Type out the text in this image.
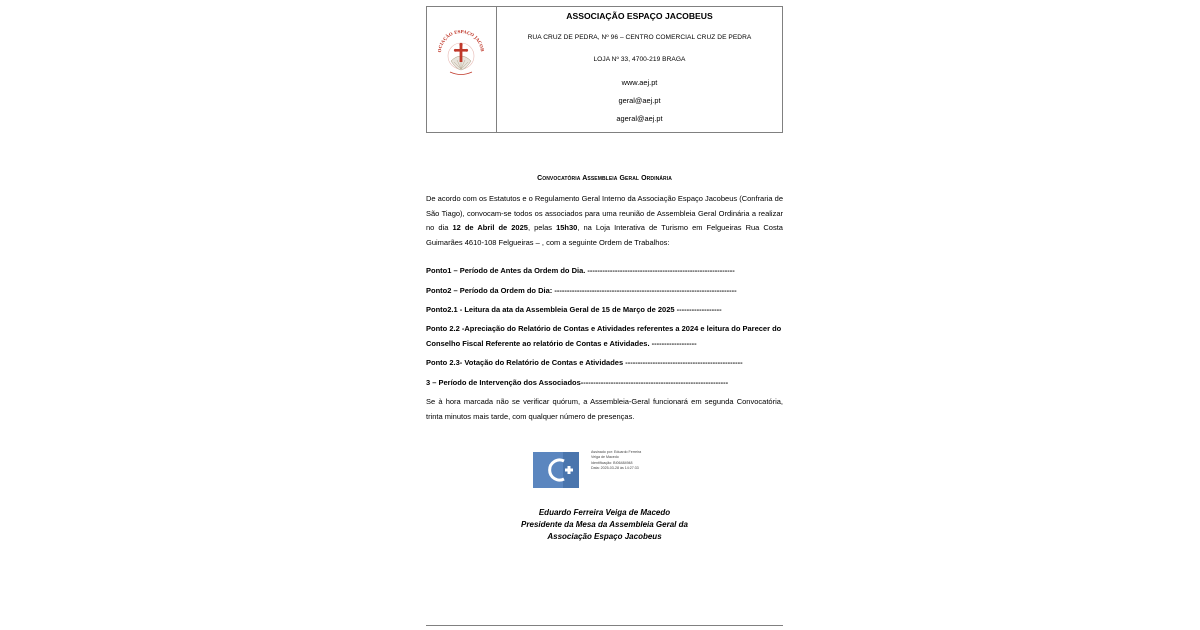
OCIAÇÃO ESPAÇO JACOB
ASSOCIAÇÃO ESPAÇO JACOBEUS
RUA CRUZ DE PEDRA, Nº 96 – CENTRO COMERCIAL CRUZ DE PEDRA
LOJA Nº 33, 4700-219 BRAGA
www.aej.pt
geral@aej.pt
ageral@aej.pt
Convocatória Assembleia Geral Ordinária
De acordo com os Estatutos e o Regulamento Geral Interno da Associação Espaço Jacobeus (Confraria de São Tiago), convocam-se todos os associados para uma reunião de Assembleia Geral Ordinária a realizar no dia 12 de Abril de 2025, pelas 15h30, na Loja Interativa de Turismo em Felgueiras Rua Costa Guimarães 4610-108 Felgueiras – , com a seguinte Ordem de Trabalhos:
Ponto1 – Período de Antes da Ordem do Dia. -----------------------------------------------------------
Ponto2 – Período da Ordem do Dia: -------------------------------------------------------------------------
Ponto2.1 - Leitura da ata da Assembleia Geral de 15 de Março de 2025 ------------------
Ponto 2.2 -Apreciação do Relatório de Contas e Atividades referentes a 2024 e leitura do Parecer do Conselho Fiscal Referente ao relatório de Contas e Atividades. ------------------
Ponto 2.3- Votação do Relatório de Contas e Atividades -----------------------------------------------
3 – Período de Intervenção dos Associados-----------------------------------------------------------
Se à hora marcada não se verificar quórum, a Assembleia-Geral funcionará em segunda Convocatória, trinta minutos mais tarde, com qualquer número de presenças.
Assinado por: Eduardo Ferreira
Veiga de Macedo
Identificação: BI06484948
Data: 2025-03-28 às 14:27:33
Eduardo Ferreira Veiga de Macedo
Presidente da Mesa da Assembleia Geral da
Associação Espaço Jacobeus
